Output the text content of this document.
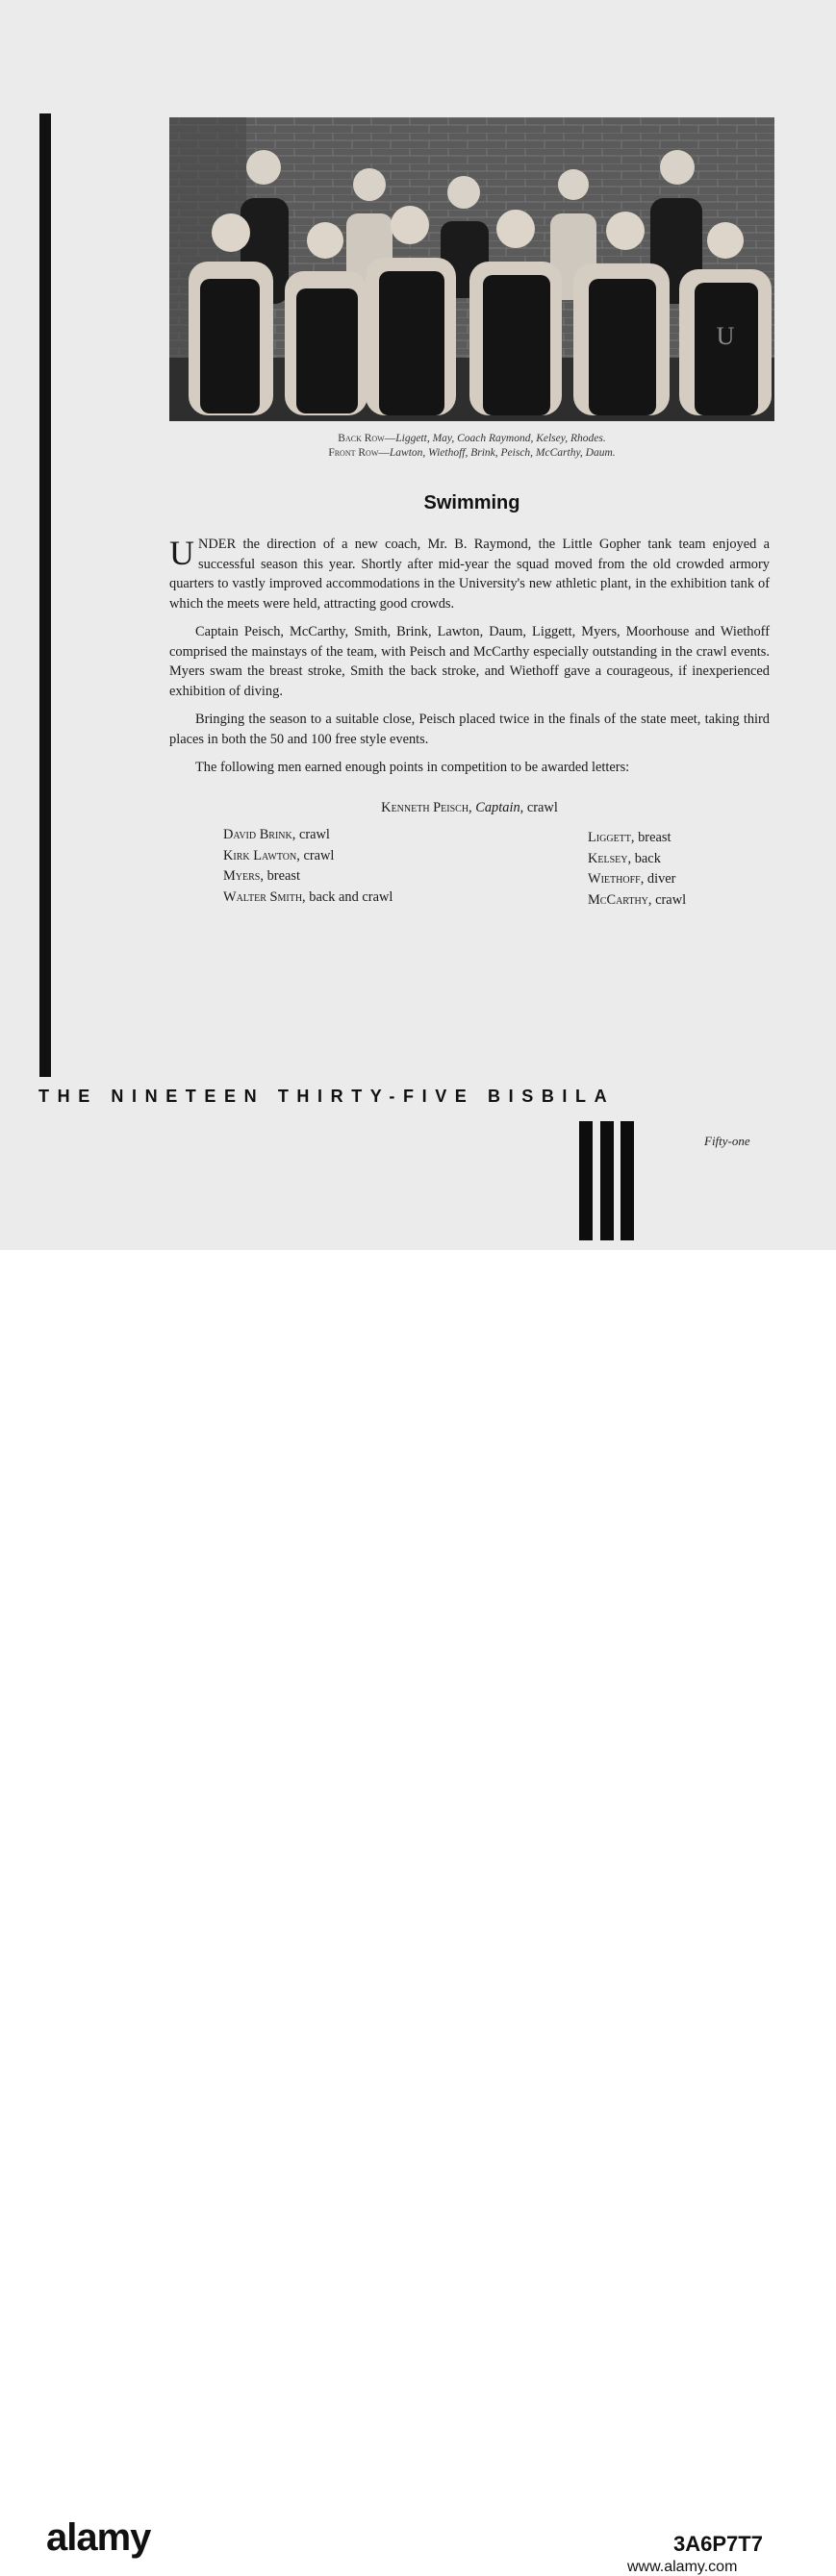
U
Back Row—Liggett, May, Coach Raymond, Kelsey, Rhodes.
Front Row—Lawton, Wiethoff, Brink, Peisch, McCarthy, Daum.
Swimming

UNDER the direction of a new coach, Mr. B. Raymond, the Little Gopher tank team enjoyed a successful season this year. Shortly after mid-year the squad moved from the old crowded armory quarters to vastly improved accommodations in the University's new athletic plant, in the exhibition tank of which the meets were held, attracting good crowds.

Captain Peisch, McCarthy, Smith, Brink, Lawton, Daum, Liggett, Myers, Moorhouse and Wiethoff comprised the mainstays of the team, with Peisch and McCarthy especially outstanding in the crawl events. Myers swam the breast stroke, Smith the back stroke, and Wiethoff gave a courageous, if inexperienced exhibition of diving.

Bringing the season to a suitable close, Peisch placed twice in the finals of the state meet, taking third places in both the 50 and 100 free style events.

The following men earned enough points in competition to be awarded letters:

Kenneth Peisch, Captain, crawl
David Brink, crawl
Kirk Lawton, crawl
Myers, breast
Walter Smith, back and crawl
Liggett, breast
Kelsey, back
Wiethoff, diver
McCarthy, crawl
THE NINETEEN THIRTY-FIVE BISBILA
Fifty-one
alamy	3A6P7T7
www.alamy.com
